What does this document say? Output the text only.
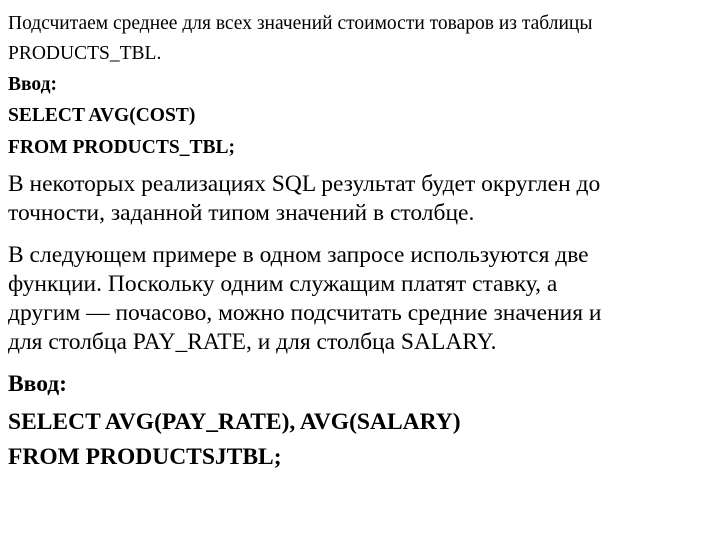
Подсчитаем среднее для всех значений стоимости товаров из таблицы
PRODUCTS_TBL.
Ввод:
SELECT AVG(COST)
FROM PRODUCTS_TBL;
В некоторых реализациях SQL результат будет округлен до
точности, заданной типом значений в столбце.
В следующем примере в одном запросе используются две
функции. Поскольку одним служащим платят ставку, а
другим — почасово, можно подсчитать средние значения и
для столбца PAY_RATE, и для столбца SALARY.
Ввод:
SELECT AVG(PAY_RATE), AVG(SALARY)
FROM PRODUCTSJTBL;
